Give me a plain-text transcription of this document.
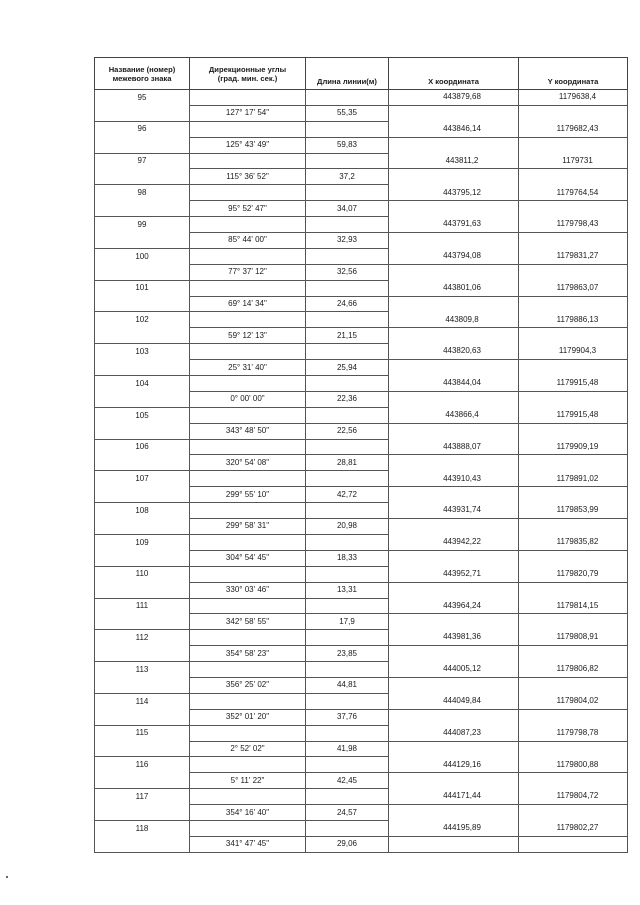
Название (номер)
межевого знака	Дирекционные углы
(град. мин. сек.)	Длина линии(м)	X координата	Y координата
95			443879,68	1179638,4
	127° 17' 54"	55,35		
96			443846,14	1179682,43
	125° 43' 49"	59,83		
97			443811,2	1179731
	115° 36' 52"	37,2		
98			443795,12	1179764,54
	95° 52' 47"	34,07		
99			443791,63	1179798,43
	85° 44' 00"	32,93		
100			443794,08	1179831,27
	77° 37' 12"	32,56		
101			443801,06	1179863,07
	69° 14' 34"	24,66		
102			443809,8	1179886,13
	59° 12' 13"	21,15		
103			443820,63	1179904,3
	25° 31' 40"	25,94		
104			443844,04	1179915,48
	0° 00' 00"	22,36		
105			443866,4	1179915,48
	343° 48' 50"	22,56		
106			443888,07	1179909,19
	320° 54' 08"	28,81		
107			443910,43	1179891,02
	299° 55' 10"	42,72		
108			443931,74	1179853,99
	299° 58' 31"	20,98		
109			443942,22	1179835,82
	304° 54' 45"	18,33		
110			443952,71	1179820,79
	330° 03' 46"	13,31		
111			443964,24	1179814,15
	342° 58' 55"	17,9		
112			443981,36	1179808,91
	354° 58' 23"	23,85		
113			444005,12	1179806,82
	356° 25' 02"	44,81		
114			444049,84	1179804,02
	352° 01' 20"	37,76		
115			444087,23	1179798,78
	2° 52' 02"	41,98		
116			444129,16	1179800,88
	5° 11' 22"	42,45		
117			444171,44	1179804,72
	354° 16' 40"	24,57		
118			444195,89	1179802,27
	341° 47' 45"	29,06		
